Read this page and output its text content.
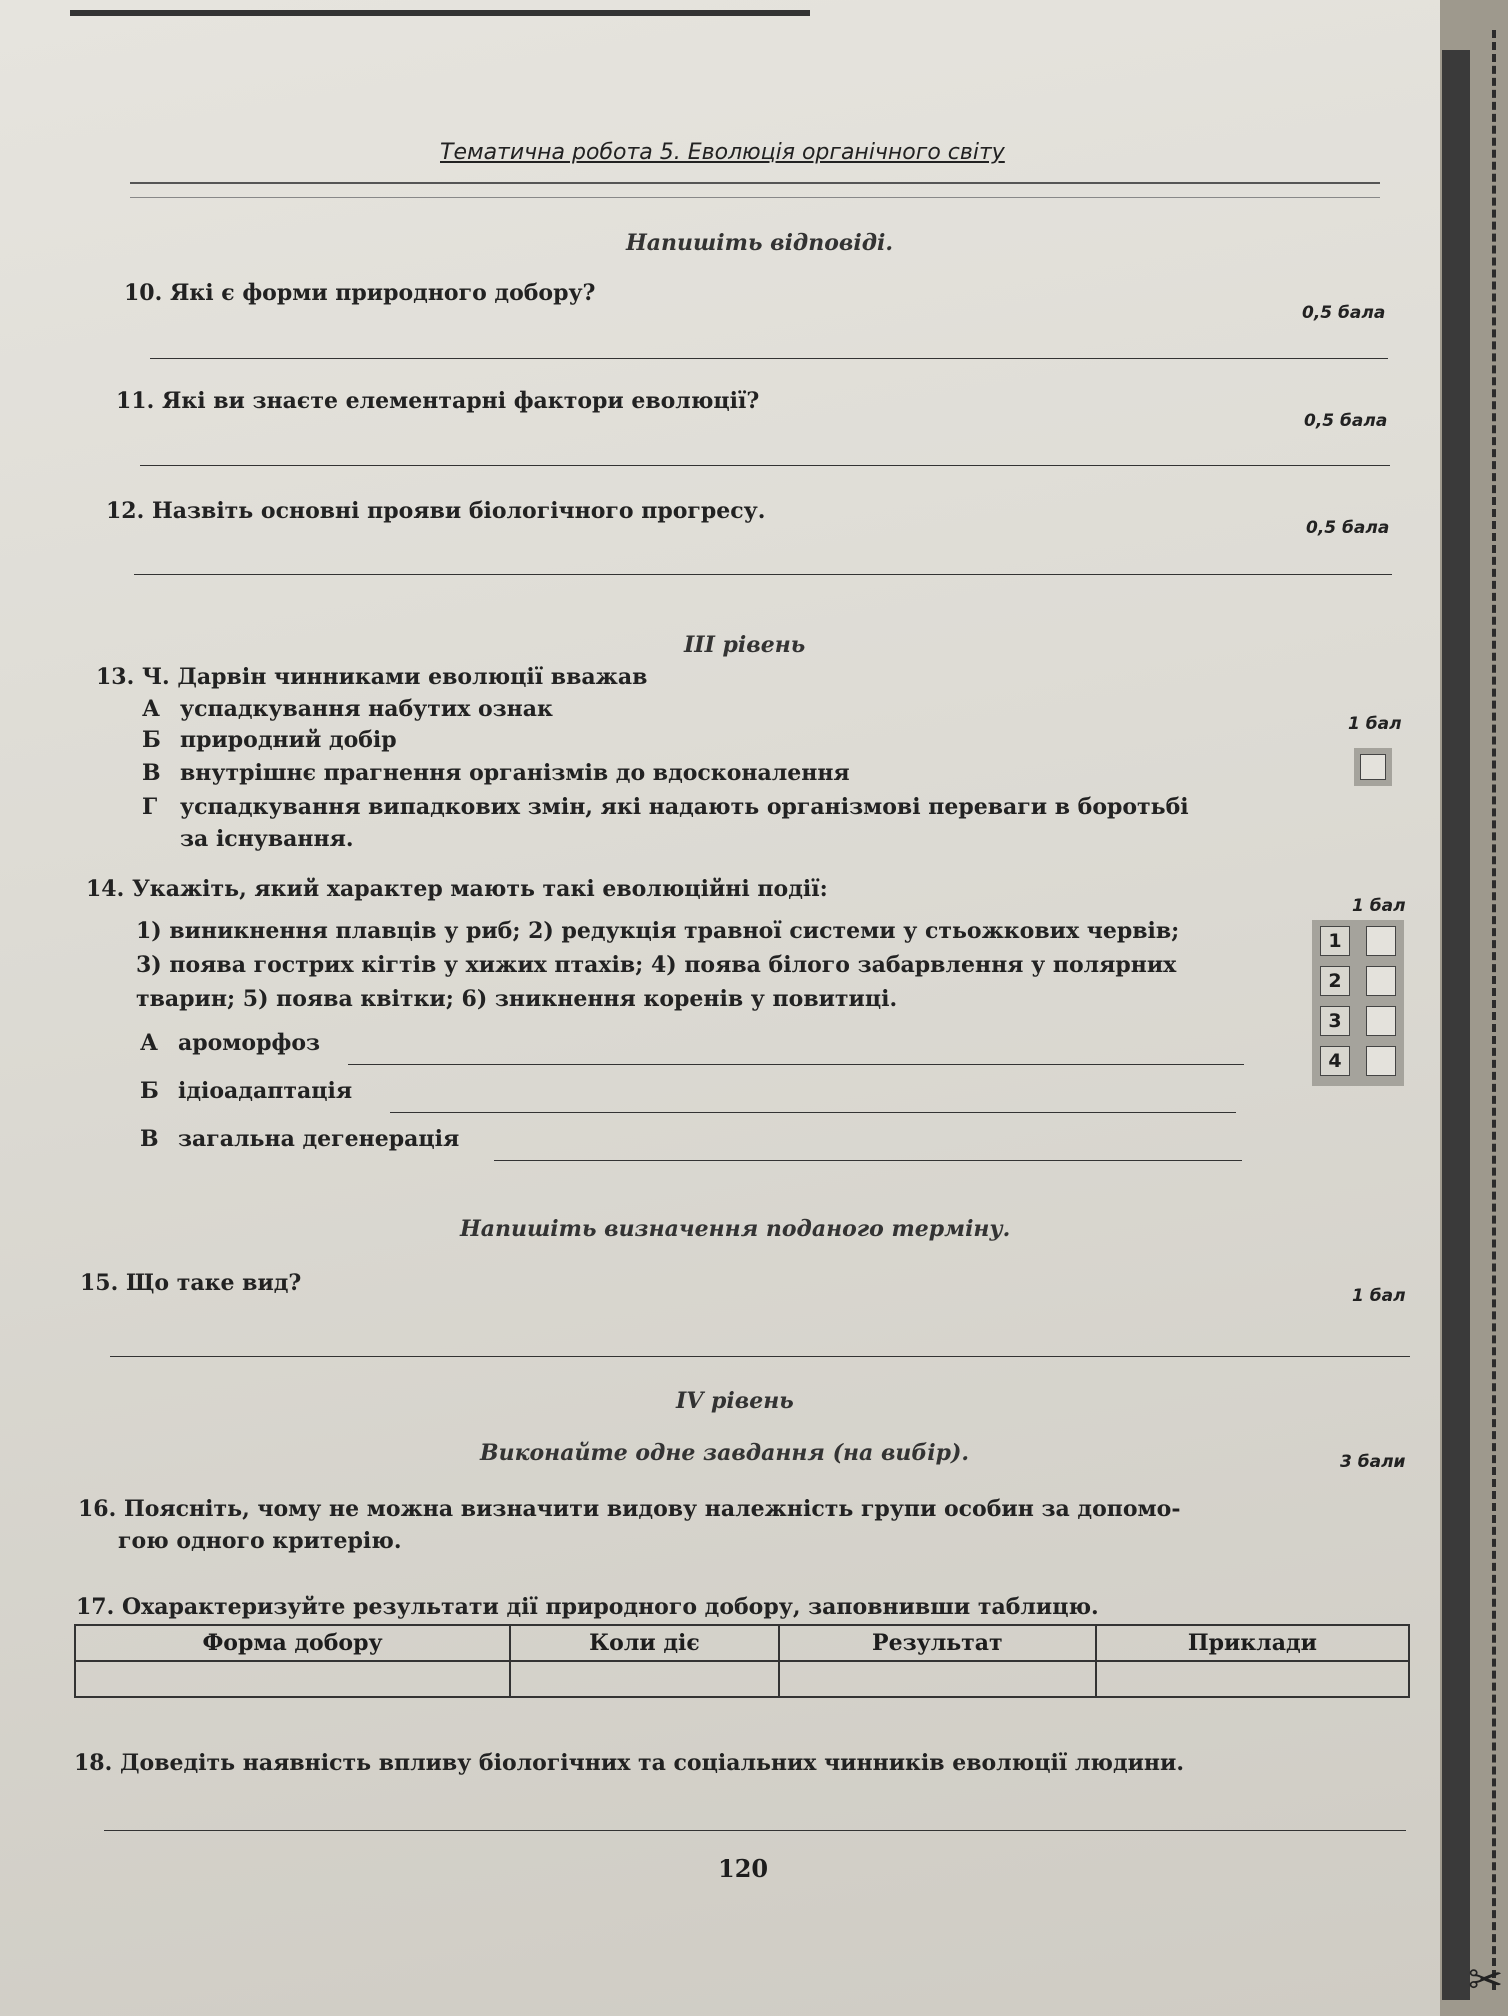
Тематична робота 5. Еволюція органічного світу
Напишіть відповіді.
10. Які є форми природного добору?
0,5 бала
11. Які ви знаєте елементарні фактори еволюції?
0,5 бала
12. Назвіть основні прояви біологічного прогресу.
0,5 бала
III рівень
13. Ч. Дарвін чинниками еволюції вважав
1 бал
А успадкування набутих ознак
Б природний добір
В внутрішнє прагнення організмів до вдосконалення
Г успадкування випадкових змін, які надають організмові переваги в боротьбі
за існування.
14. Укажіть, який характер мають такі еволюційні події:
1 бал
1) виникнення плавців у риб; 2) редукція травної системи у стьожкових червів;
3) поява гострих кігтів у хижих птахів; 4) поява білого забарвлення у полярних
тварин; 5) поява квітки; 6) зникнення коренів у повитиці.
А ароморфоз
Б ідіоадаптація
В загальна дегенерація
1
2
3
4
Напишіть визначення поданого терміну.
15. Що таке вид?	1 бал
IV рівень
Виконайте одне завдання (на вибір).	3 бали
16. Поясніть, чому не можна визначити видову належність групи особин за допомо-
гою одного критерію.
17. Охарактеризуйте результати дії природного добору, заповнивши таблицю.
Форма добору	Коли діє	Результат	Приклади

18. Доведіть наявність впливу біологічних та соціальних чинників еволюції людини.
120
✂
